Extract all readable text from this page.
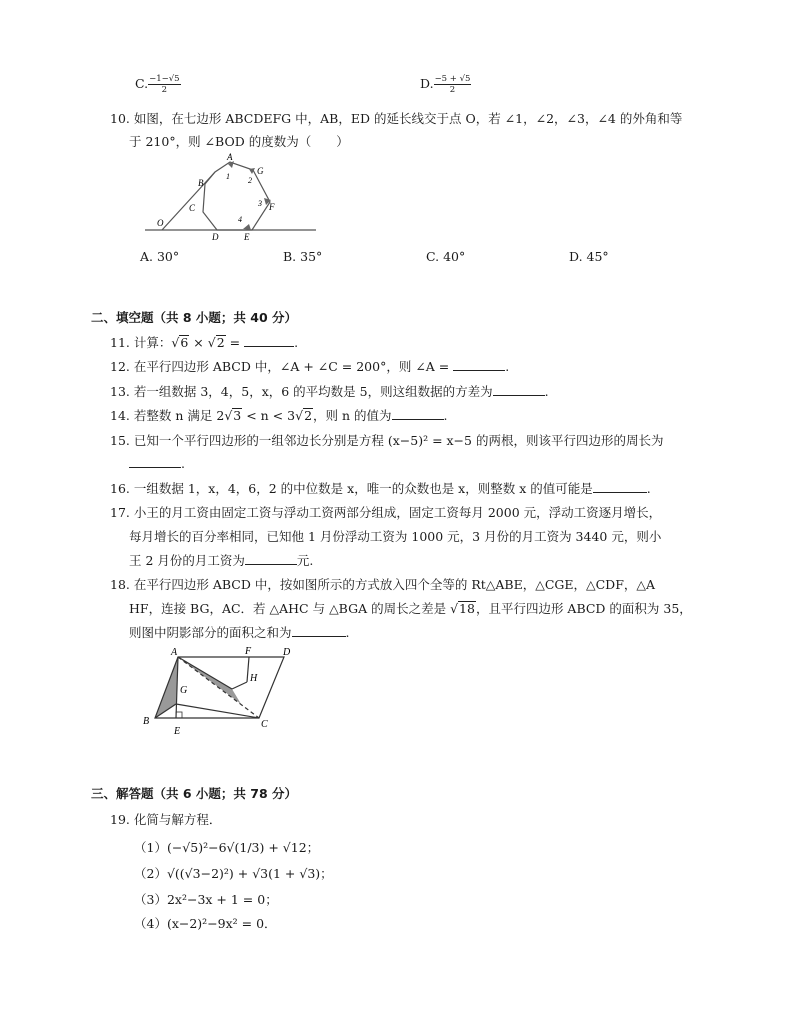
C. $\frac{-1-√5}{2}$	D. $\frac{-5 + √5}{2}$
10. 如图，在七边形 ABCDEFG 中，AB，ED 的延长线交于点 O，若 ∠1，∠2，∠3，∠4 的外角和等
于 210°，则 ∠BOD 的度数为（　　）
A
1
G
2
B
C	3 F
O	4
D	E
A. 30°	B. 35°	C. 40°	D. 45°
二、填空题（共 8 小题；共 40 分）
11. 计算：√6 × √2 =	.
12. 在平行四边形 ABCD 中，∠A + ∠C = 200°，则 ∠A =	.
13. 若一组数据 3，4，5，x，6 的平均数是 5，则这组数据的方差为	.
14. 若整数 n 满足 2√3 < n < 3√2，则 n 的值为	.
15. 已知一个平行四边形的一组邻边长分别是方程 (x−5)² = x−5 的两根，则该平行四边形的周长为
.
16. 一组数据 1，x，4，6，2 的中位数是 x，唯一的众数也是 x，则整数 x 的值可能是	.
17. 小王的月工资由固定工资与浮动工资两部分组成，固定工资每月 2000 元，浮动工资逐月增长，
每月增长的百分率相同，已知他 1 月份浮动工资为 1000 元，3 月份的月工资为 3440 元，则小
王 2 月份的月工资为	元.
18. 在平行四边形 ABCD 中，按如图所示的方式放入四个全等的 Rt△ABE，△CGE，△CDF，△A
HF，连接 BG，AC．若 △AHC 与 △BGA 的周长之差是 √18，且平行四边形 ABCD 的面积为 35，
则图中阴影部分的面积之和为	.
A	F	D
H
G
B	C
E
三、解答题（共 6 小题；共 78 分）
19. 化简与解方程．
（1）(−√5)²−6√(1/3) + √12；
（2）√((√3−2)²) + √3(1 + √3)；
（3）2x²−3x + 1 = 0；
（4）(x−2)²−9x² = 0．
